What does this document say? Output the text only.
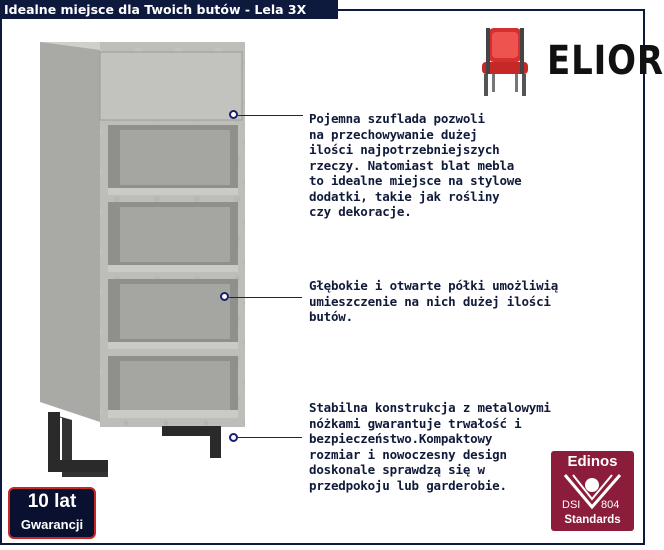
Idealne miejsce dla Twoich butów - Lela 3X
Pojemna szuflada pozwoli
na przechowywanie dużej
ilości najpotrzebniejszych
rzeczy. Natomiast blat mebla
to idealne miejsce na stylowe
dodatki, takie jak rośliny
czy dekoracje.
Głębokie i otwarte półki umożliwią
umieszczenie na nich dużej ilości
butów.
Stabilna konstrukcja z metalowymi
nóżkami gwarantuje trwałość i
bezpieczeństwo.Kompaktowy
rozmiar i nowoczesny design
doskonale sprawdzą się w
przedpokoju lub garderobie.
ELIOR
10 lat
Gwarancji
Edinos
DSI 804
Standards
